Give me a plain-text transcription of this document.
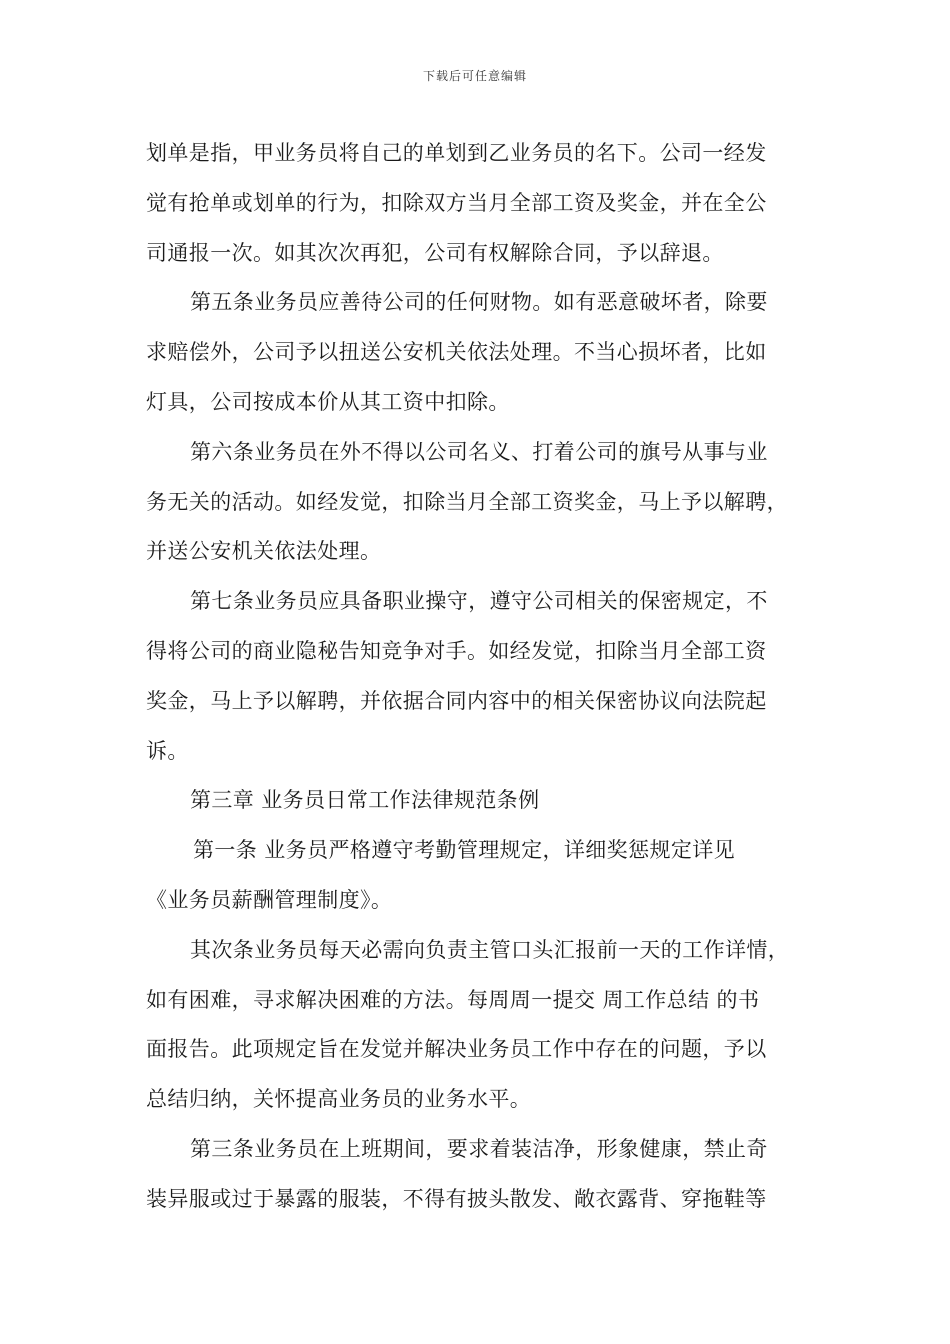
下载后可任意编辑
划单是指，甲业务员将自己的单划到乙业务员的名下。公司一经发
觉有抢单或划单的行为，扣除双方当月全部工资及奖金，并在全公
司通报一次。如其次次再犯，公司有权解除合同，予以辞退。
第五条业务员应善待公司的任何财物。如有恶意破坏者，除要
求赔偿外，公司予以扭送公安机关依法处理。不当心损坏者，比如
灯具，公司按成本价从其工资中扣除。
第六条业务员在外不得以公司名义、打着公司的旗号从事与业
务无关的活动。如经发觉，扣除当月全部工资奖金，马上予以解聘，
并送公安机关依法处理。
第七条业务员应具备职业操守，遵守公司相关的保密规定，不
得将公司的商业隐秘告知竞争对手。如经发觉，扣除当月全部工资
奖金，马上予以解聘，并依据合同内容中的相关保密协议向法院起
诉。
第三章 业务员日常工作法律规范条例
第一条 业务员严格遵守考勤管理规定，详细奖惩规定详见
《业务员薪酬管理制度》。
其次条业务员每天必需向负责主管口头汇报前一天的工作详情，
如有困难，寻求解决困难的方法。每周周一提交 周工作总结 的书
面报告。此项规定旨在发觉并解决业务员工作中存在的问题，予以
总结归纳，关怀提高业务员的业务水平。
第三条业务员在上班期间，要求着装洁净，形象健康，禁止奇
装异服或过于暴露的服装，不得有披头散发、敞衣露背、穿拖鞋等
